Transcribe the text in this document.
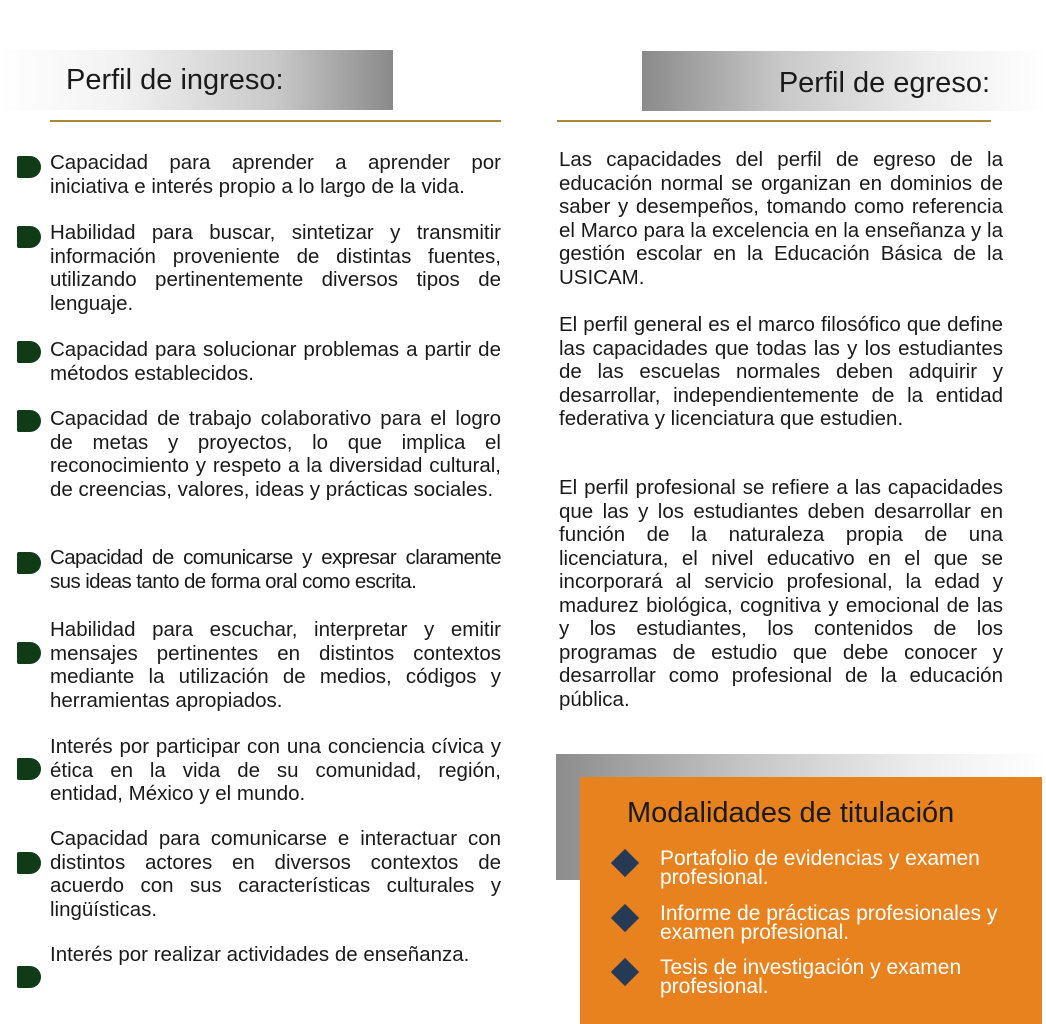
Perfil de ingreso:	Perfil de egreso:
Capacidad para aprender a aprender por iniciativa e interés propio a lo largo de la vida.
Habilidad para buscar, sintetizar y transmitir información proveniente de distintas fuentes, utilizando pertinentemente diversos tipos de lenguaje.
Capacidad para solucionar problemas a partir de métodos establecidos.
Capacidad de trabajo colaborativo para el logro de metas y proyectos, lo que implica el reconocimiento y respeto a la diversidad cultural, de creencias, valores, ideas y prácticas sociales.
Capacidad de comunicarse y expresar claramente sus ideas tanto de forma oral como escrita.
Habilidad para escuchar, interpretar y emitir mensajes pertinentes en distintos contextos mediante la utilización de medios, códigos y herramientas apropiados.
Interés por participar con una conciencia cívica y ética en la vida de su comunidad, región, entidad, México y el mundo.
Capacidad para comunicarse e interactuar con distintos actores en diversos contextos de acuerdo con sus características culturales y lingüísticas.
Interés por realizar actividades de enseñanza.
Las capacidades del perfil de egreso de la educación normal se organizan en dominios de saber y desempeños, tomando como referencia el Marco para la excelencia en la enseñanza y la gestión escolar en la Educación Básica de la USICAM.
El perfil general es el marco filosófico que define las capacidades que todas las y los estudiantes de las escuelas normales deben adquirir y desarrollar, independientemente de la entidad federativa y licenciatura que estudien.
El perfil profesional se refiere a las capacidades que las y los estudiantes deben desarrollar en función de la naturaleza propia de una licenciatura, el nivel educativo en el que se incorporará al servicio profesional, la edad y madurez biológica, cognitiva y emocional de las y los estudiantes, los contenidos de los programas de estudio que debe conocer y desarrollar como profesional de la educación pública.
Modalidades de titulación
Portafolio de evidencias y examen profesional.
Informe de prácticas profesionales y examen profesional.
Tesis de investigación y examen profesional.
